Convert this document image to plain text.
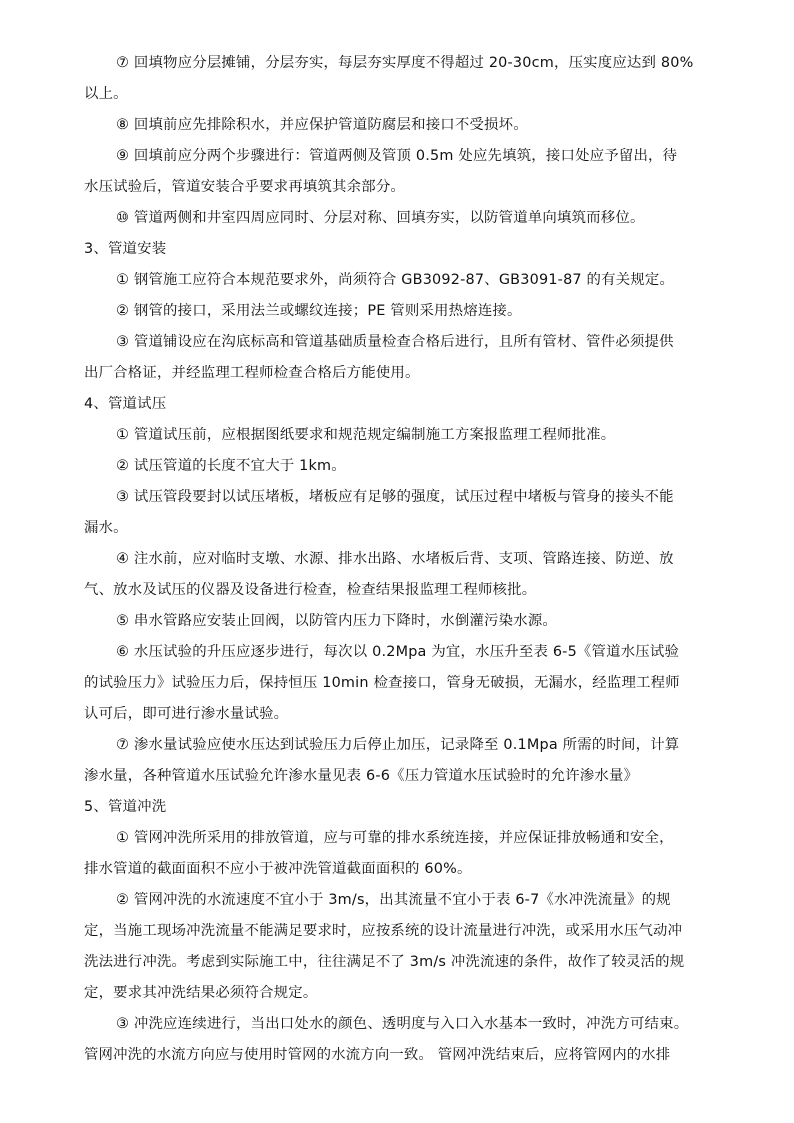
⑦ 回填物应分层摊铺，分层夯实，每层夯实厚度不得超过 20-30cm，压实度应达到 80%
以上。
⑧ 回填前应先排除积水，并应保护管道防腐层和接口不受损坏。
⑨ 回填前应分两个步骤进行：管道两侧及管顶 0.5m 处应先填筑，接口处应予留出，待
水压试验后，管道安装合乎要求再填筑其余部分。
⑩ 管道两侧和井室四周应同时、分层对称、回填夯实，以防管道单向填筑而移位。
3、管道安装
① 钢管施工应符合本规范要求外，尚须符合 GB3092-87、GB3091-87 的有关规定。
② 钢管的接口，采用法兰或螺纹连接；PE 管则采用热熔连接。
③ 管道铺设应在沟底标高和管道基础质量检查合格后进行，且所有管材、管件必须提供
出厂合格证，并经监理工程师检查合格后方能使用。
4、管道试压
① 管道试压前，应根据图纸要求和规范规定编制施工方案报监理工程师批准。
② 试压管道的长度不宜大于 1km。
③ 试压管段要封以试压堵板，堵板应有足够的强度，试压过程中堵板与管身的接头不能
漏水。
④ 注水前，应对临时支墩、水源、排水出路、水堵板后背、支项、管路连接、防逆、放
气、放水及试压的仪器及设备进行检查，检查结果报监理工程师核批。
⑤ 串水管路应安装止回阀，以防管内压力下降时，水倒灌污染水源。
⑥ 水压试验的升压应逐步进行，每次以 0.2Mpa 为宜，水压升至表 6-5《管道水压试验
的试验压力》试验压力后，保持恒压 10min 检查接口，管身无破损，无漏水，经监理工程师
认可后，即可进行渗水量试验。
⑦ 渗水量试验应使水压达到试验压力后停止加压，记录降至 0.1Mpa 所需的时间，计算
渗水量，各种管道水压试验允许渗水量见表 6-6《压力管道水压试验时的允许渗水量》
5、管道冲洗
① 管网冲洗所采用的排放管道，应与可靠的排水系统连接，并应保证排放畅通和安全，
排水管道的截面面积不应小于被冲洗管道截面面积的 60%。
② 管网冲洗的水流速度不宜小于 3m/s，出其流量不宜小于表 6-7《水冲洗流量》的规
定，当施工现场冲洗流量不能满足要求时，应按系统的设计流量进行冲洗，或采用水压气动冲
洗法进行冲洗。考虑到实际施工中，往往满足不了 3m/s 冲洗流速的条件，故作了较灵活的规
定，要求其冲洗结果必须符合规定。
③ 冲洗应连续进行，当出口处水的颜色、透明度与入口入水基本一致时，冲洗方可结束。
管网冲洗的水流方向应与使用时管网的水流方向一致。 管网冲洗结束后，应将管网内的水排
